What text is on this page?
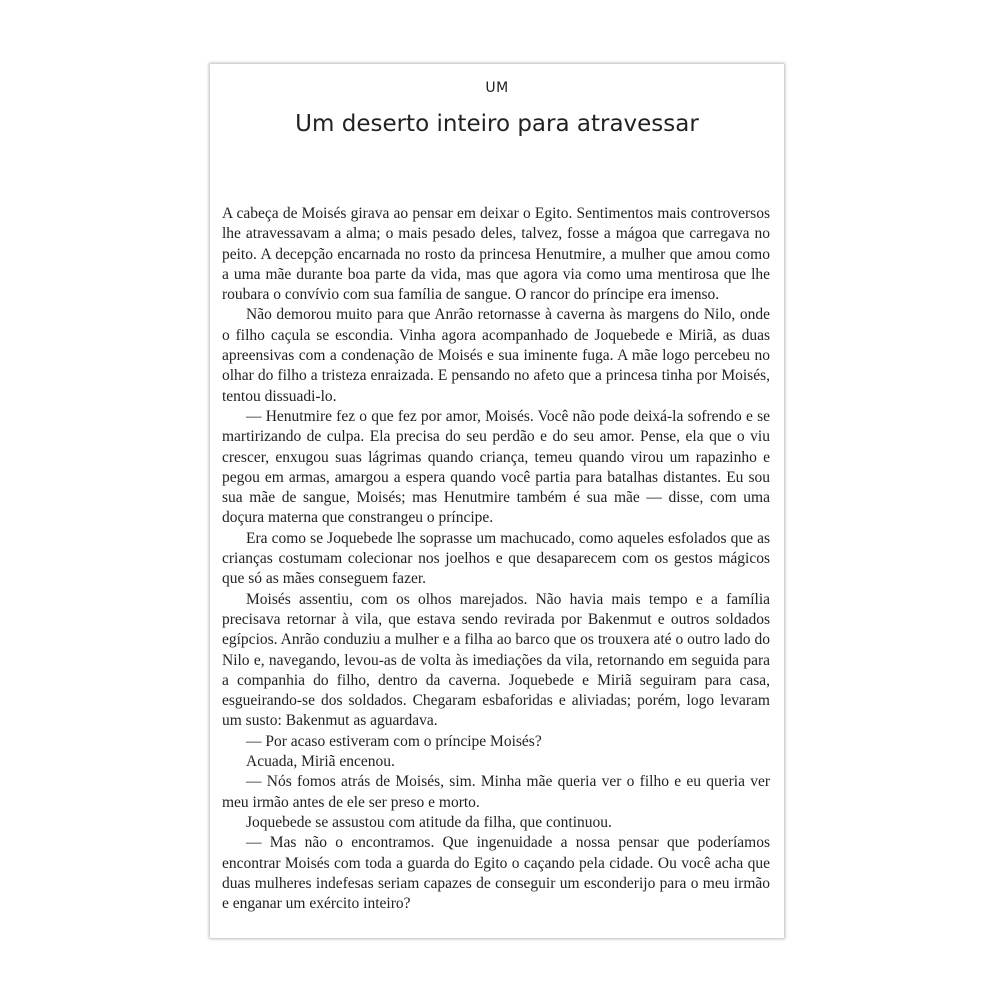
UM
Um deserto inteiro para atravessar

A cabeça de Moisés girava ao pensar em deixar o Egito. Sentimentos mais controversos lhe atravessavam a alma; o mais pesado deles, talvez, fosse a mágoa que carregava no peito. A decepção encarnada no rosto da princesa Henutmire, a mulher que amou como a uma mãe durante boa parte da vida, mas que agora via como uma mentirosa que lhe roubara o convívio com sua família de sangue. O rancor do príncipe era imenso.

Não demorou muito para que Anrão retornasse à caverna às margens do Nilo, onde o filho caçula se escondia. Vinha agora acompanhado de Joquebede e Miriã, as duas apreensivas com a condenação de Moisés e sua iminente fuga. A mãe logo percebeu no olhar do filho a tristeza enraizada. E pensando no afeto que a princesa tinha por Moisés, tentou dissuadi-lo.

— Henutmire fez o que fez por amor, Moisés. Você não pode deixá-la sofrendo e se martirizando de culpa. Ela precisa do seu perdão e do seu amor. Pense, ela que o viu crescer, enxugou suas lágrimas quando criança, temeu quando virou um rapazinho e pegou em armas, amargou a espera quando você partia para batalhas distantes. Eu sou sua mãe de sangue, Moisés; mas Henutmire também é sua mãe — disse, com uma doçura materna que constrangeu o príncipe.

Era como se Joquebede lhe soprasse um machucado, como aqueles esfolados que as crianças costumam colecionar nos joelhos e que desaparecem com os gestos mágicos que só as mães conseguem fazer.

Moisés assentiu, com os olhos marejados. Não havia mais tempo e a família precisava retornar à vila, que estava sendo revirada por Bakenmut e outros soldados egípcios. Anrão conduziu a mulher e a filha ao barco que os trouxera até o outro lado do Nilo e, navegando, levou-as de volta às imediações da vila, retornando em seguida para a companhia do filho, dentro da caverna. Joquebede e Miriã seguiram para casa, esgueirando-se dos soldados. Chegaram esbaforidas e aliviadas; porém, logo levaram um susto: Bakenmut as aguardava.

— Por acaso estiveram com o príncipe Moisés?

Acuada, Miriã encenou.

— Nós fomos atrás de Moisés, sim. Minha mãe queria ver o filho e eu queria ver meu irmão antes de ele ser preso e morto.

Joquebede se assustou com atitude da filha, que continuou.

— Mas não o encontramos. Que ingenuidade a nossa pensar que poderíamos encontrar Moisés com toda a guarda do Egito o caçando pela cidade. Ou você acha que duas mulheres indefesas seriam capazes de conseguir um esconderijo para o meu irmão e enganar um exército inteiro?
